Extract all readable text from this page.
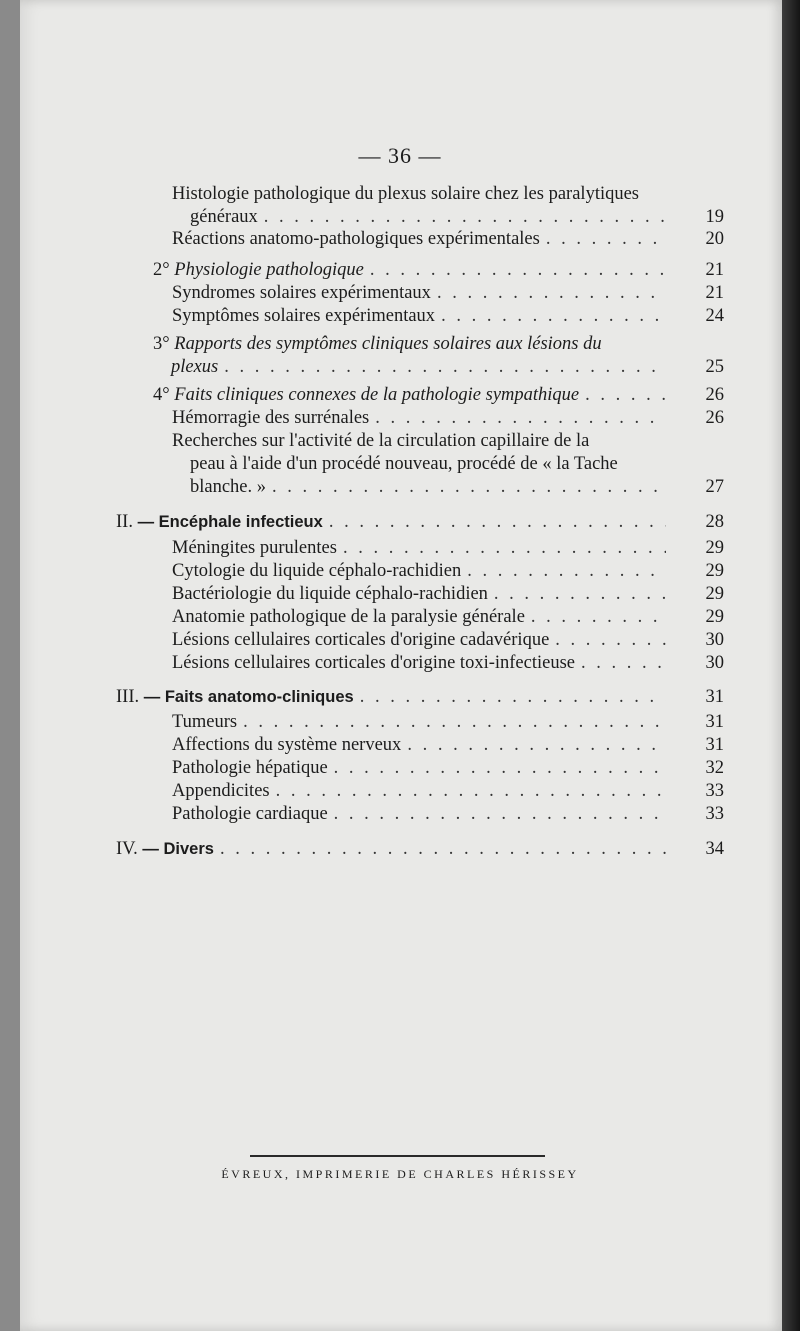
— 36 —
Histologie pathologique du plexus solaire chez les paralytiques
généraux . . .	19
Réactions anatomo-pathologiques expérimentales . . .	20
2° Physiologie pathologique . . .	21
Syndromes solaires expérimentaux . . .	21
Symptômes solaires expérimentaux . . .	24
3° Rapports des symptômes cliniques solaires aux lésions du
plexus . . .	25
4° Faits cliniques connexes de la pathologie sympathique . . .	26
Hémorragie des surrénales . . .	26
Recherches sur l'activité de la circulation capillaire de la
peau à l'aide d'un procédé nouveau, procédé de « la Tache
blanche. » . . .	27
II. — Encéphale infectieux . . .	28
Méningites purulentes . . .	29
Cytologie du liquide céphalo-rachidien . . .	29
Bactériologie du liquide céphalo-rachidien . . .	29
Anatomie pathologique de la paralysie générale . . .	29
Lésions cellulaires corticales d'origine cadavérique . . .	30
Lésions cellulaires corticales d'origine toxi-infectieuse . . .	30
III. — Faits anatomo-cliniques . . .	31
Tumeurs . . .	31
Affections du système nerveux . . .	31
Pathologie hépatique . . .	32
Appendicites . . .	33
Pathologie cardiaque . . .	33
IV. — Divers . . .	34
ÉVREUX, IMPRIMERIE DE CHARLES HÉRISSEY
